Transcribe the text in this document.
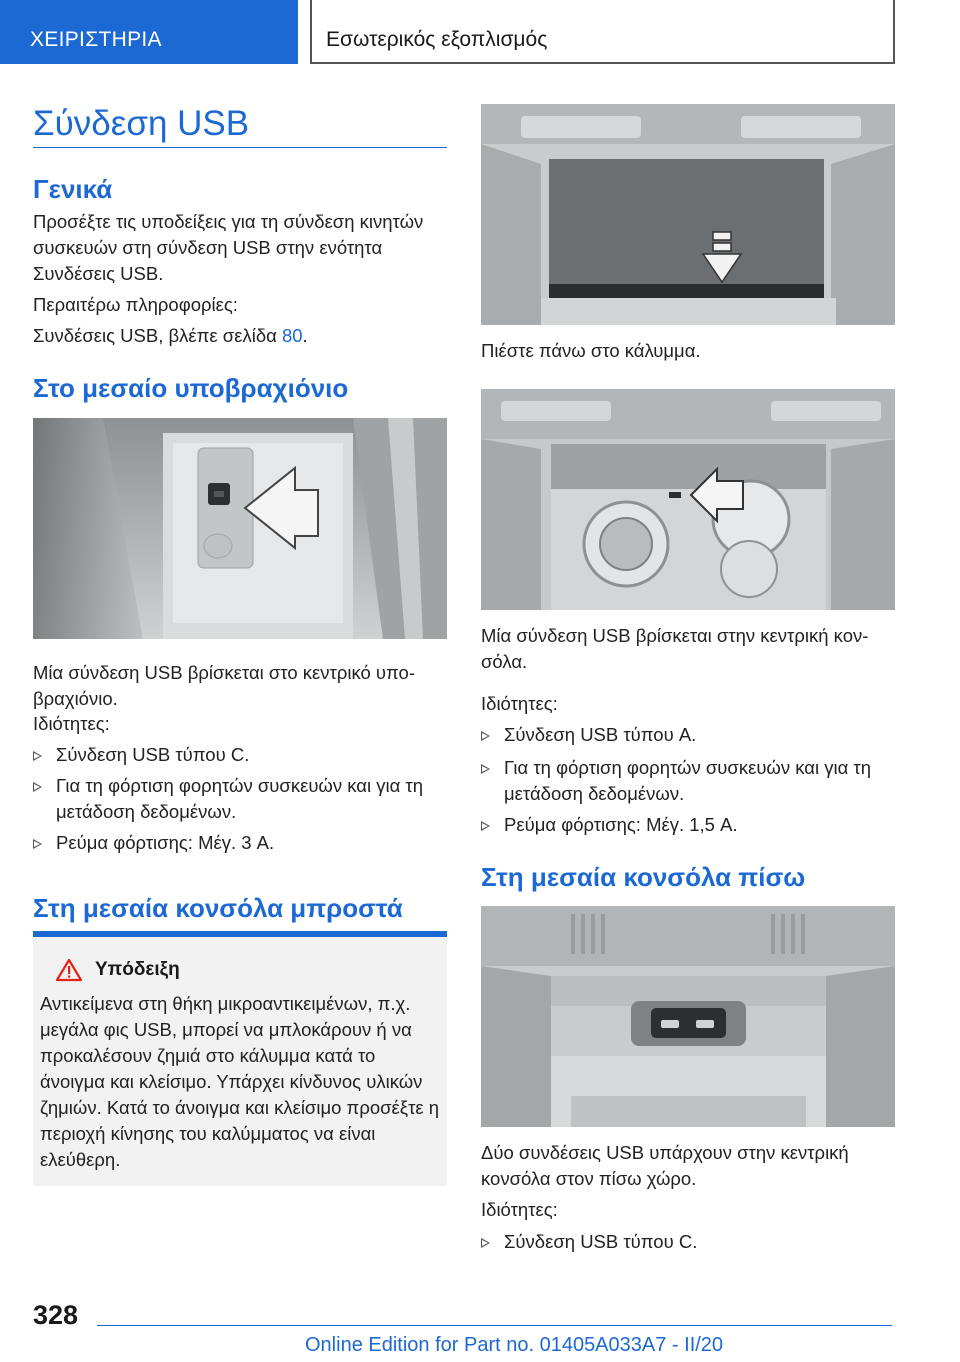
ΧΕΙΡΙΣΤΗΡΙΑ	Εσωτερικός εξοπλισμός
Σύνδεση USB
Γενικά
Προσέξτε τις υποδείξεις για τη σύνδεση κινητών συσκευών στη σύνδεση USB στην ενότητα Συνδέσεις USB.
Περαιτέρω πληροφορίες:
Συνδέσεις USB, βλέπε σελίδα 80.
Στο μεσαίο υποβραχιόνιο
Μία σύνδεση USB βρίσκεται στο κεντρικό υποβραχιόνιο.
Ιδιότητες:
Σύνδεση USB τύπου C.
Για τη φόρτιση φορητών συσκευών και για τη μετάδοση δεδομένων.
Ρεύμα φόρτισης: Μέγ. 3 A.
Στη μεσαία κονσόλα μπροστά
Υπόδειξη
Αντικείμενα στη θήκη μικροαντικειμένων, π.χ. μεγάλα φις USB, μπορεί να μπλοκάρουν ή να προκαλέσουν ζημιά στο κάλυμμα κατά το άνοιγμα και κλείσιμο. Υπάρχει κίνδυνος υλικών ζημιών. Κατά το άνοιγμα και κλείσιμο προσέξτε η περιοχή κίνησης του καλύμματος να είναι ελεύθερη.
Πιέστε πάνω στο κάλυμμα.
Μία σύνδεση USB βρίσκεται στην κεντρική κονσόλα.
Ιδιότητες:
Σύνδεση USB τύπου A.
Για τη φόρτιση φορητών συσκευών και για τη μετάδοση δεδομένων.
Ρεύμα φόρτισης: Μέγ. 1,5 A.
Στη μεσαία κονσόλα πίσω
Δύο συνδέσεις USB υπάρχουν στην κεντρική κονσόλα στον πίσω χώρο.
Ιδιότητες:
Σύνδεση USB τύπου C.
328
Online Edition for Part no. 01405A033A7 - II/20
